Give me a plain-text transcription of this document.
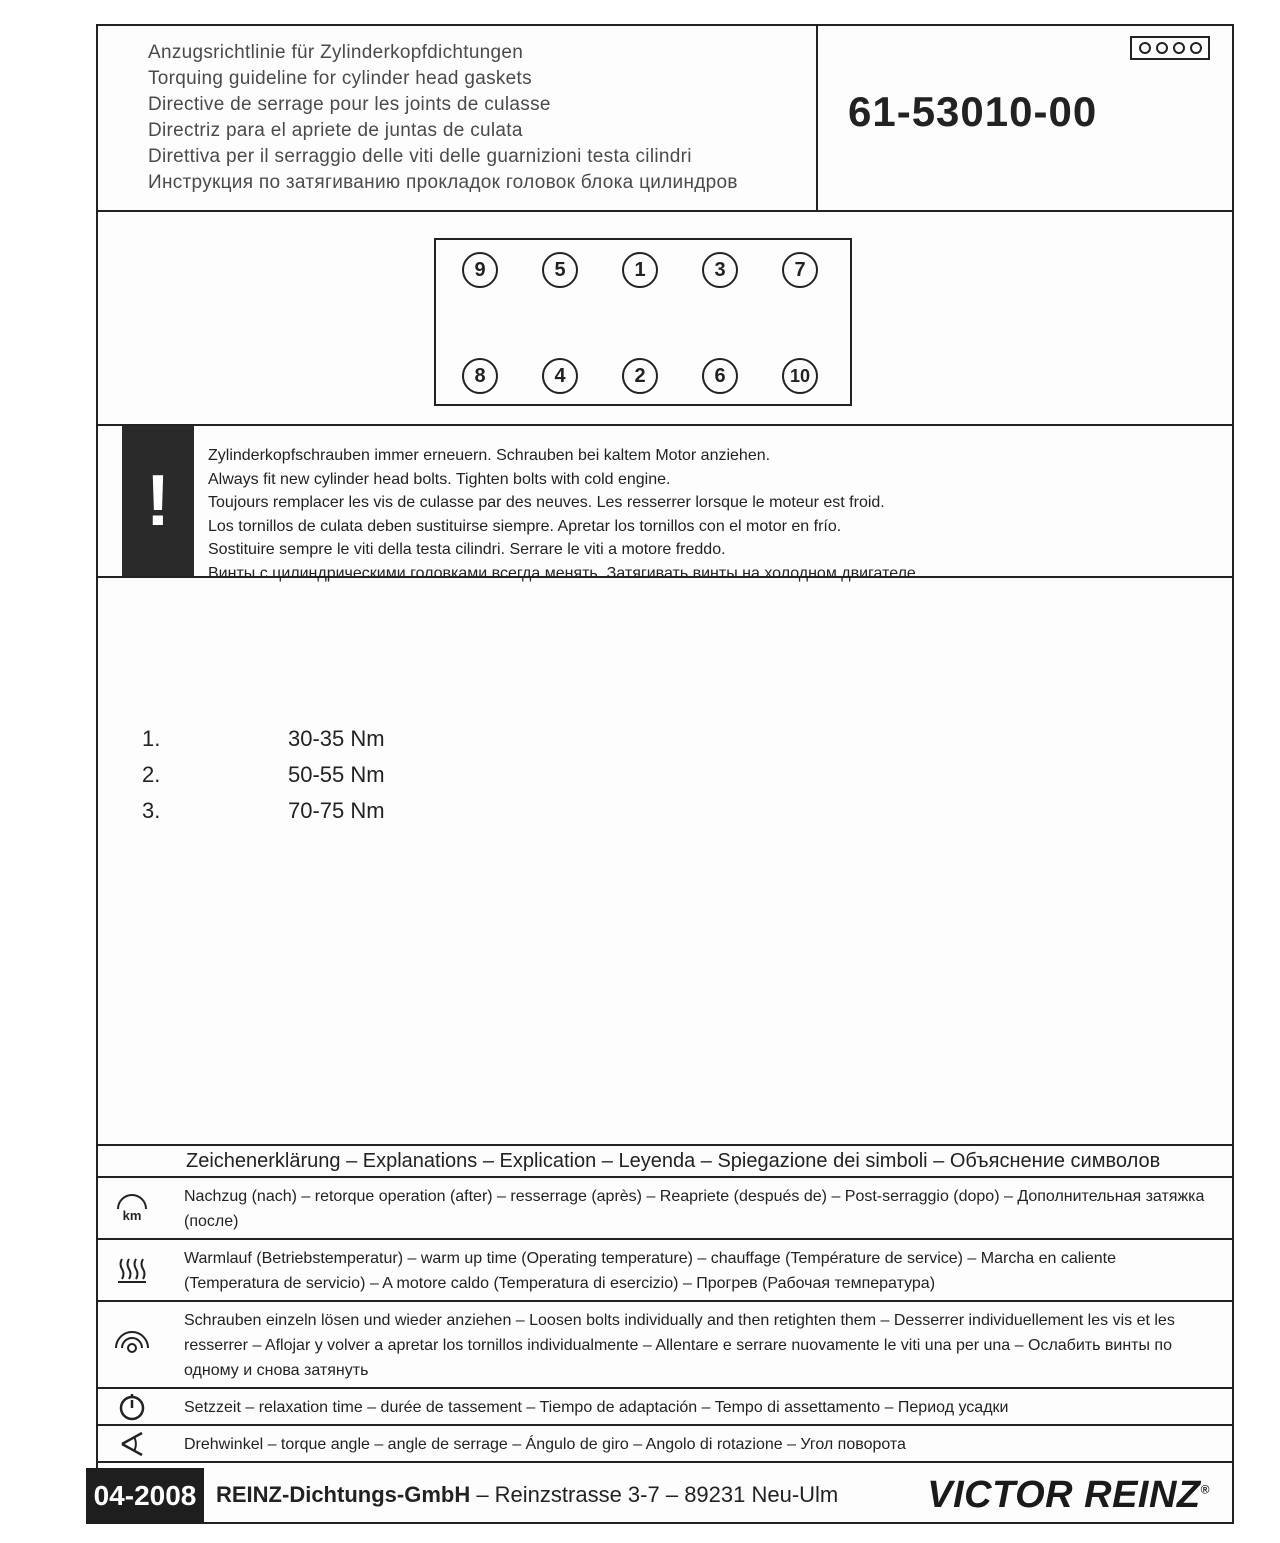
Anzugsrichtlinie für Zylinderkopfdichtungen
Torquing guideline for cylinder head gaskets
Directive de serrage pour les joints de culasse
Directriz para el apriete de juntas de culata
Direttiva per il serraggio delle viti delle guarnizioni testa cilindri
Инструкция по затягиванию прокладок головок блока цилиндров
61-53010-00
9	5	1	3	7
8	4	2	6	10
!
Zylinderkopfschrauben immer erneuern. Schrauben bei kaltem Motor anziehen.
Always fit new cylinder head bolts. Tighten bolts with cold engine.
Toujours remplacer les vis de culasse par des neuves. Les resserrer lorsque le moteur est froid.
Los tornillos de culata deben sustituirse siempre. Apretar los tornillos con el motor en frío.
Sostituire sempre le viti della testa cilindri. Serrare le viti a motore freddo.
Винты с цилиндрическими головками всегда менять. Затягивать винты на холодном двигателе.
1.	30-35 Nm
2.	50-55 Nm
3.	70-75 Nm
Zeichenerklärung – Explanations – Explication – Leyenda – Spiegazione dei simboli – Объяснение символов
km
Nachzug (nach) – retorque operation (after) – resserrage (après) – Reapriete (después de) – Post-serraggio (dopo) – Дополнительная затяжка (после)
Warmlauf (Betriebstemperatur) – warm up time (Operating temperature) – chauffage (Température de service) – Marcha en caliente (Temperatura de servicio) – A motore caldo (Temperatura di esercizio) – Прогрев (Рабочая температура)
Schrauben einzeln lösen und wieder anziehen – Loosen bolts individually and then retighten them – Desserrer individuellement les vis et les resserrer – Aflojar y volver a apretar los tornillos individualmente – Allentare e serrare nuovamente le viti una per una – Ослабить винты по одному и снова затянуть
Setzzeit – relaxation time – durée de tassement – Tiempo de adaptación – Tempo di assettamento – Период усадки
Drehwinkel – torque angle – angle de serrage – Ángulo de giro – Angolo di rotazione – Угол поворота
04-2008 REINZ-Dichtungs-GmbH – Reinzstrasse 3-7 – 89231 Neu-Ulm VICTOR REINZ®
